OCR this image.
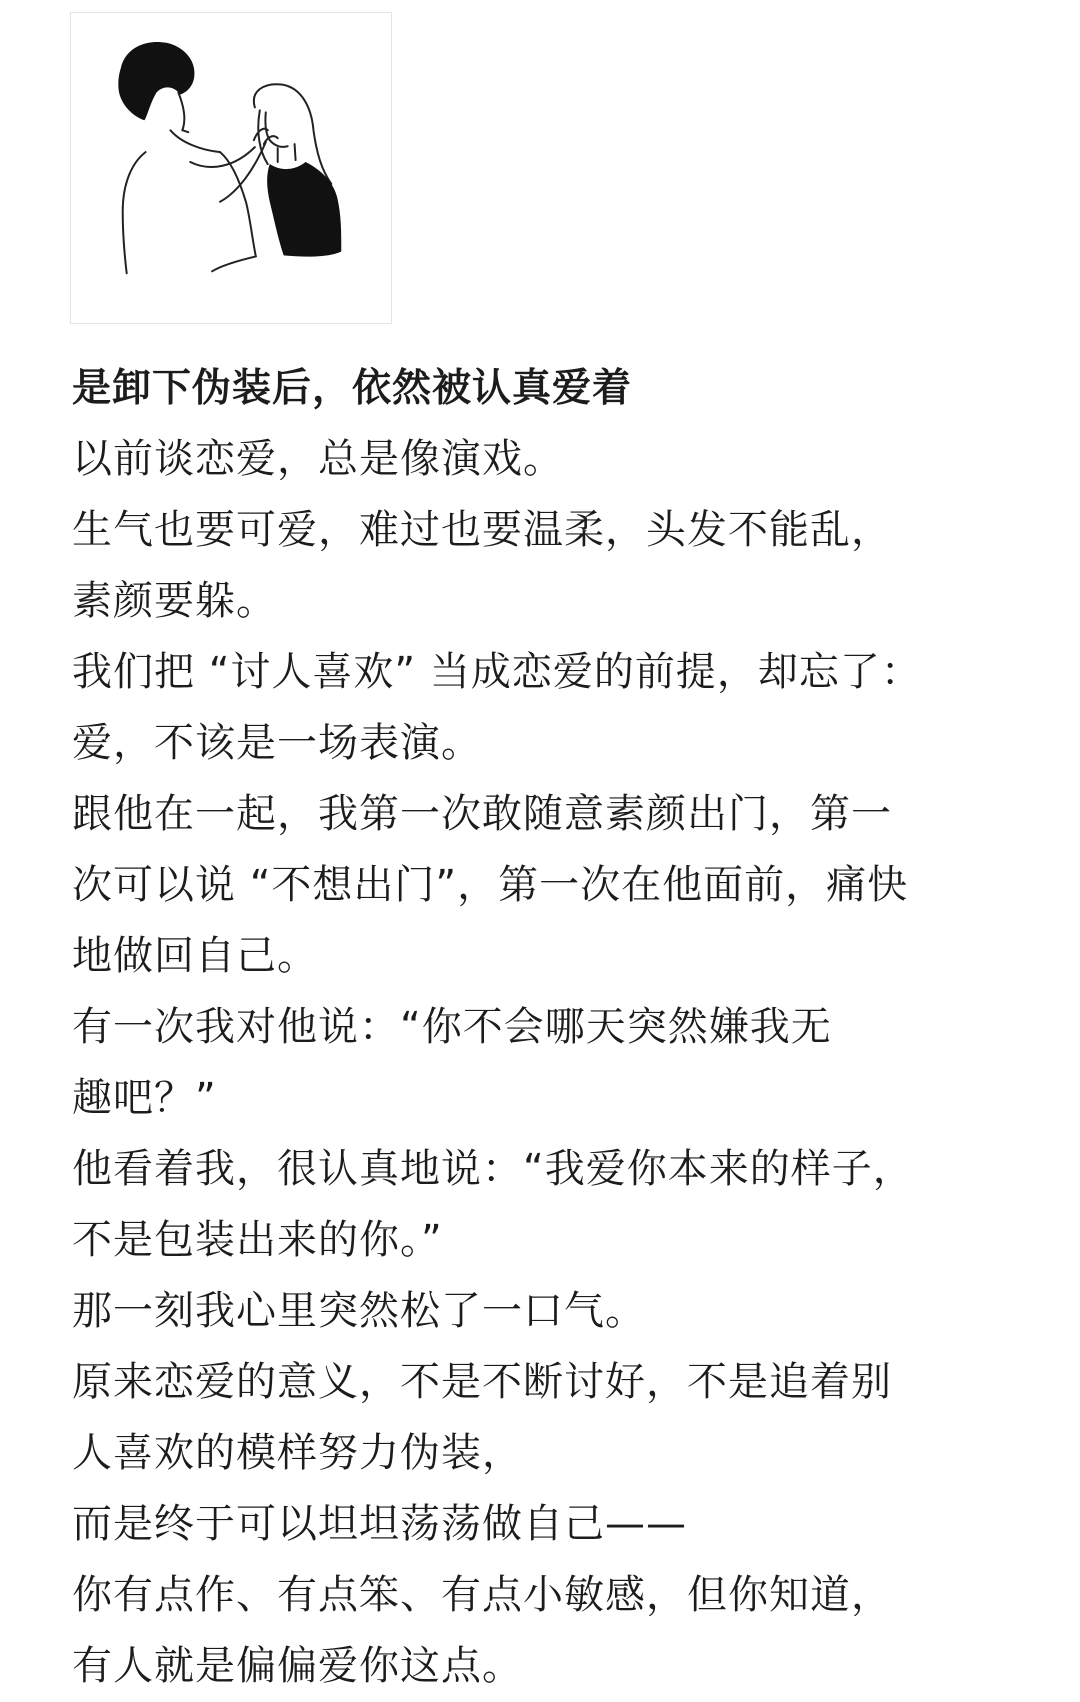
是卸下伪装后，依然被认真爱着

以前谈恋爱，总是像演戏。

生气也要可爱，难过也要温柔，头发不能乱，

素颜要躲。

我们把 “讨人喜欢” 当成恋爱的前提，却忘了：

爱，不该是一场表演。

跟他在一起，我第一次敢随意素颜出门，第一

次可以说 “不想出门”，第一次在他面前，痛快

地做回自己。

有一次我对他说：“你不会哪天突然嫌我无

趣吧？”

他看着我，很认真地说：“我爱你本来的样子，

不是包装出来的你。”

那一刻我心里突然松了一口气。

原来恋爱的意义，不是不断讨好，不是追着别

人喜欢的模样努力伪装，

而是终于可以坦坦荡荡做自己——

你有点作、有点笨、有点小敏感，但你知道，

有人就是偏偏爱你这点。
